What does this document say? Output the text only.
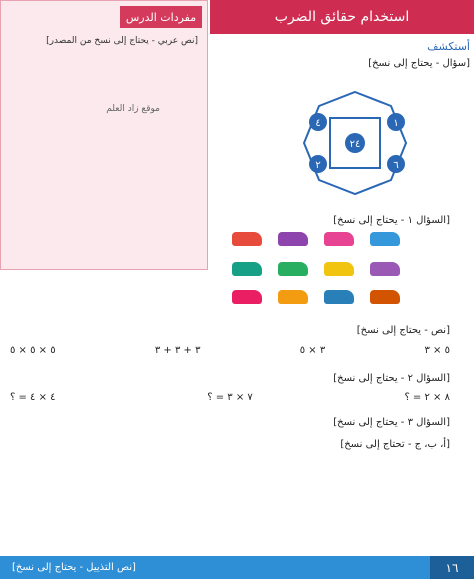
مفردات الدرس
[نص عربي - يحتاج إلى نسخ من المصدر]
موقع زاد العلم
استخدام حقائق الضرب
أستكشف
[سؤال - يحتاج إلى نسخ]
٢٤
٤	١
٦
٢
[السؤال ١ - يحتاج إلى نسخ]
[نص - يحتاج إلى نسخ]
٥ × ٥ × ٥	٣ + ٣ + ٣	٣ × ٥	٥ × ٣
[السؤال ٢ - يحتاج إلى نسخ]
٤ × ٤ = ؟	٧ × ٣ = ؟	٨ × ٢ = ؟
[السؤال ٣ - يحتاج إلى نسخ]
[أ، ب، ج - تحتاج إلى نسخ]
[نص التذييل - يحتاج إلى نسخ]	١٦
